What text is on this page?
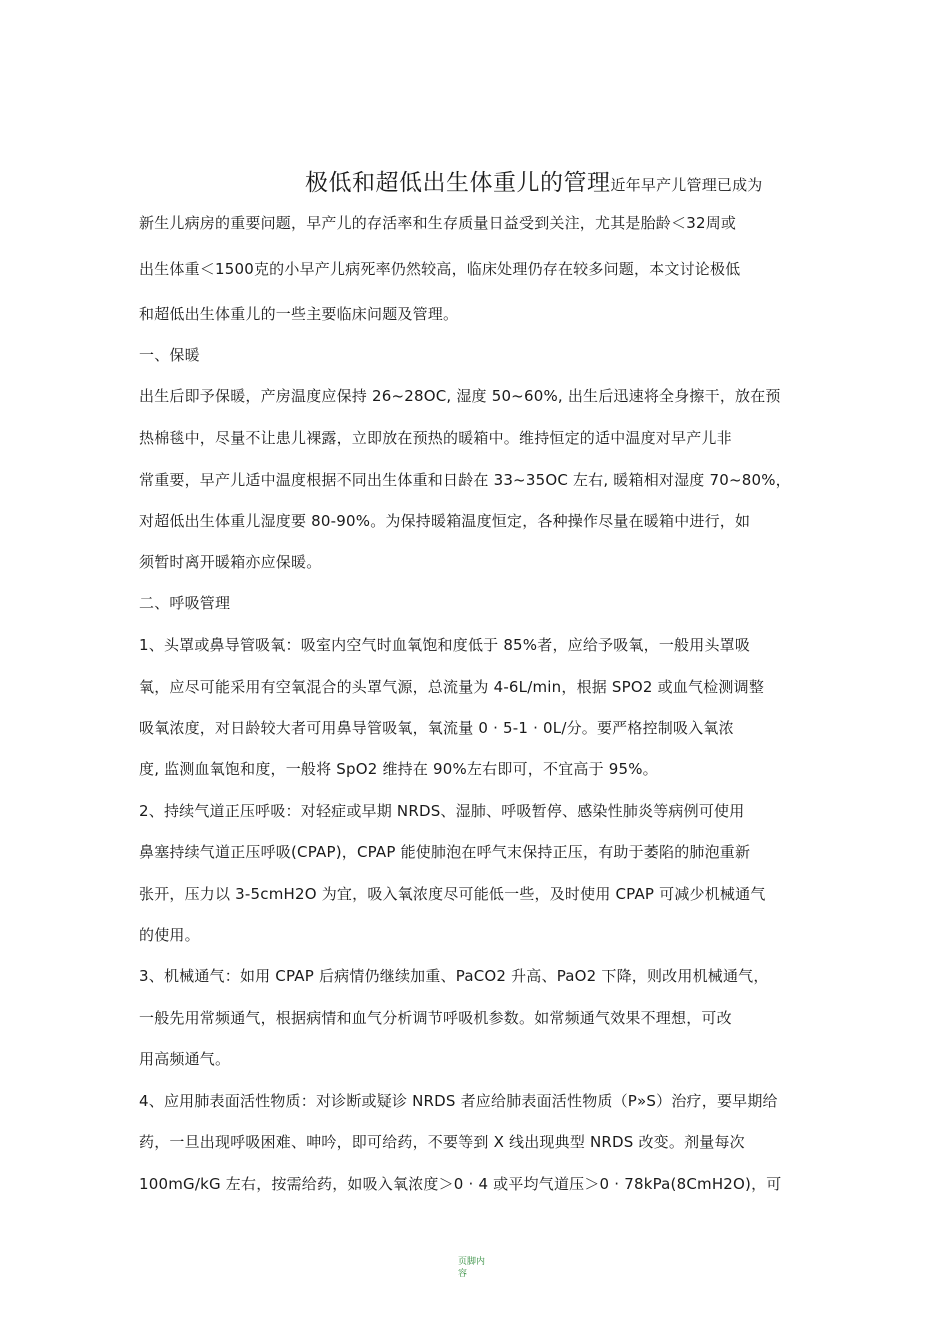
极低和超低出生体重儿的管理近年早产儿管理已成为
新生儿病房的重要问题，早产儿的存活率和生存质量日益受到关注，尤其是胎龄＜32周或
出生体重＜1500克的小早产儿病死率仍然较高，临床处理仍存在较多问题，本文讨论极低
和超低出生体重儿的一些主要临床问题及管理。
一、保暖
出生后即予保暖，产房温度应保持 26~28OC, 湿度 50~60%, 出生后迅速将全身擦干，放在预
热棉毯中，尽量不让患儿裸露，立即放在预热的暖箱中。维持恒定的适中温度对早产儿非
常重要，早产儿适中温度根据不同出生体重和日龄在 33~35OC 左右, 暖箱相对湿度 70~80%，
对超低出生体重儿湿度要 80-90%。为保持暖箱温度恒定，各种操作尽量在暖箱中进行，如
须暂时离开暖箱亦应保暖。
二、呼吸管理
1、头罩或鼻导管吸氧：吸室内空气时血氧饱和度低于 85%者，应给予吸氧，一般用头罩吸
氧，应尽可能采用有空氧混合的头罩气源，总流量为 4-6L/min，根据 SPO2 或血气检测调整
吸氧浓度，对日龄较大者可用鼻导管吸氧，氧流量 0 · 5-1 · 0L/分。要严格控制吸入氧浓
度, 监测血氧饱和度，一般将 SpO2 维持在 90%左右即可，不宜高于 95%。
2、持续气道正压呼吸：对轻症或早期 NRDS、湿肺、呼吸暂停、感染性肺炎等病例可使用
鼻塞持续气道正压呼吸(CPAP)，CPAP 能使肺泡在呼气末保持正压，有助于萎陷的肺泡重新
张开，压力以 3-5cmH2O 为宜，吸入氧浓度尽可能低一些，及时使用 CPAP 可减少机械通气
的使用。
3、机械通气：如用 CPAP 后病情仍继续加重、PaCO2 升高、PaO2 下降，则改用机械通气，
一般先用常频通气，根据病情和血气分析调节呼吸机参数。如常频通气效果不理想，可改
用高频通气。
4、应用肺表面活性物质：对诊断或疑诊 NRDS 者应给肺表面活性物质（P»S）治疗，要早期给
药，一旦出现呼吸困难、呻吟，即可给药，不要等到 X 线出现典型 NRDS 改变。剂量每次
100mG/kG 左右，按需给药，如吸入氧浓度＞0 · 4 或平均气道压＞0 · 78kPa(8CmH2O)，可
页脚内
容
